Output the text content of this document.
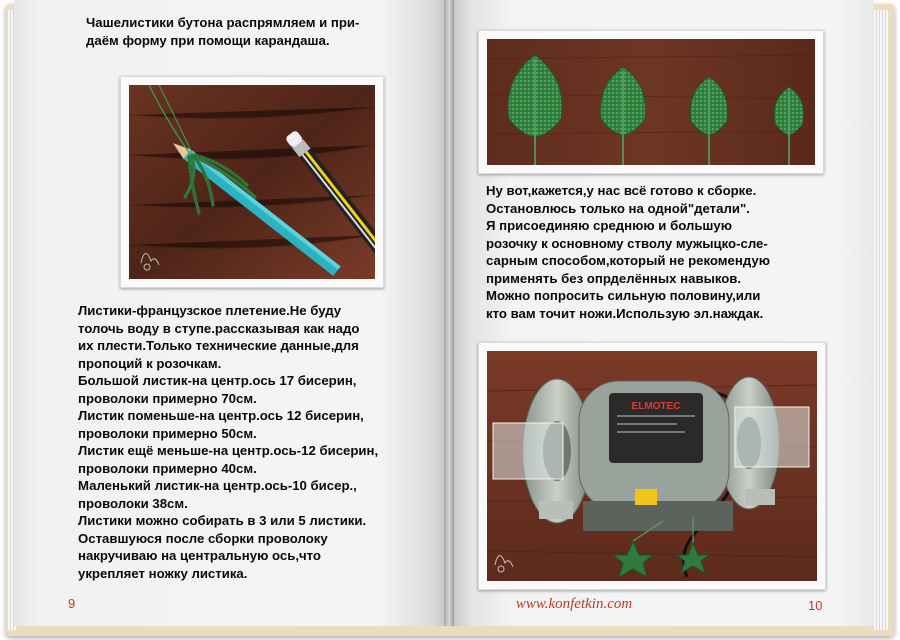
Чашелистики бутона распрямляем и при-
даём форму при помощи карандаша.
Листики-французское плетение.Не буду
толочь воду в ступе.рассказывая как надо
их плести.Только технические данные,для
пропоций к розочкам.
Большой листик-на центр.ось 17 бисерин,
проволоки примерно 70см.
Листик поменьше-на центр.ось 12 бисерин,
проволоки примерно 50см.
Листик ещё меньше-на центр.ось-12 бисерин,
проволоки примерно 40см.
Маленький листик-на центр.ось-10 бисер.,
проволоки 38см.
Листики можно собирать в 3 или 5 листики.
Оставшуюся после сборки проволоку
накручиваю на центральную ось,что
укрепляет ножку листика.
9
Ну вот,кажется,у нас всё готово к сборке.
Остановлюсь только на одной"детали".
Я присоединяю среднюю и большую
розочку к основному стволу мужыцко-сле-
сарным способом,который не рекомендую
применять без опрделённых навыков.
Можно попросить сильную половину,или
кто вам точит ножи.Использую эл.наждак.
ELMOTEC
www.konfetkin.com	10
